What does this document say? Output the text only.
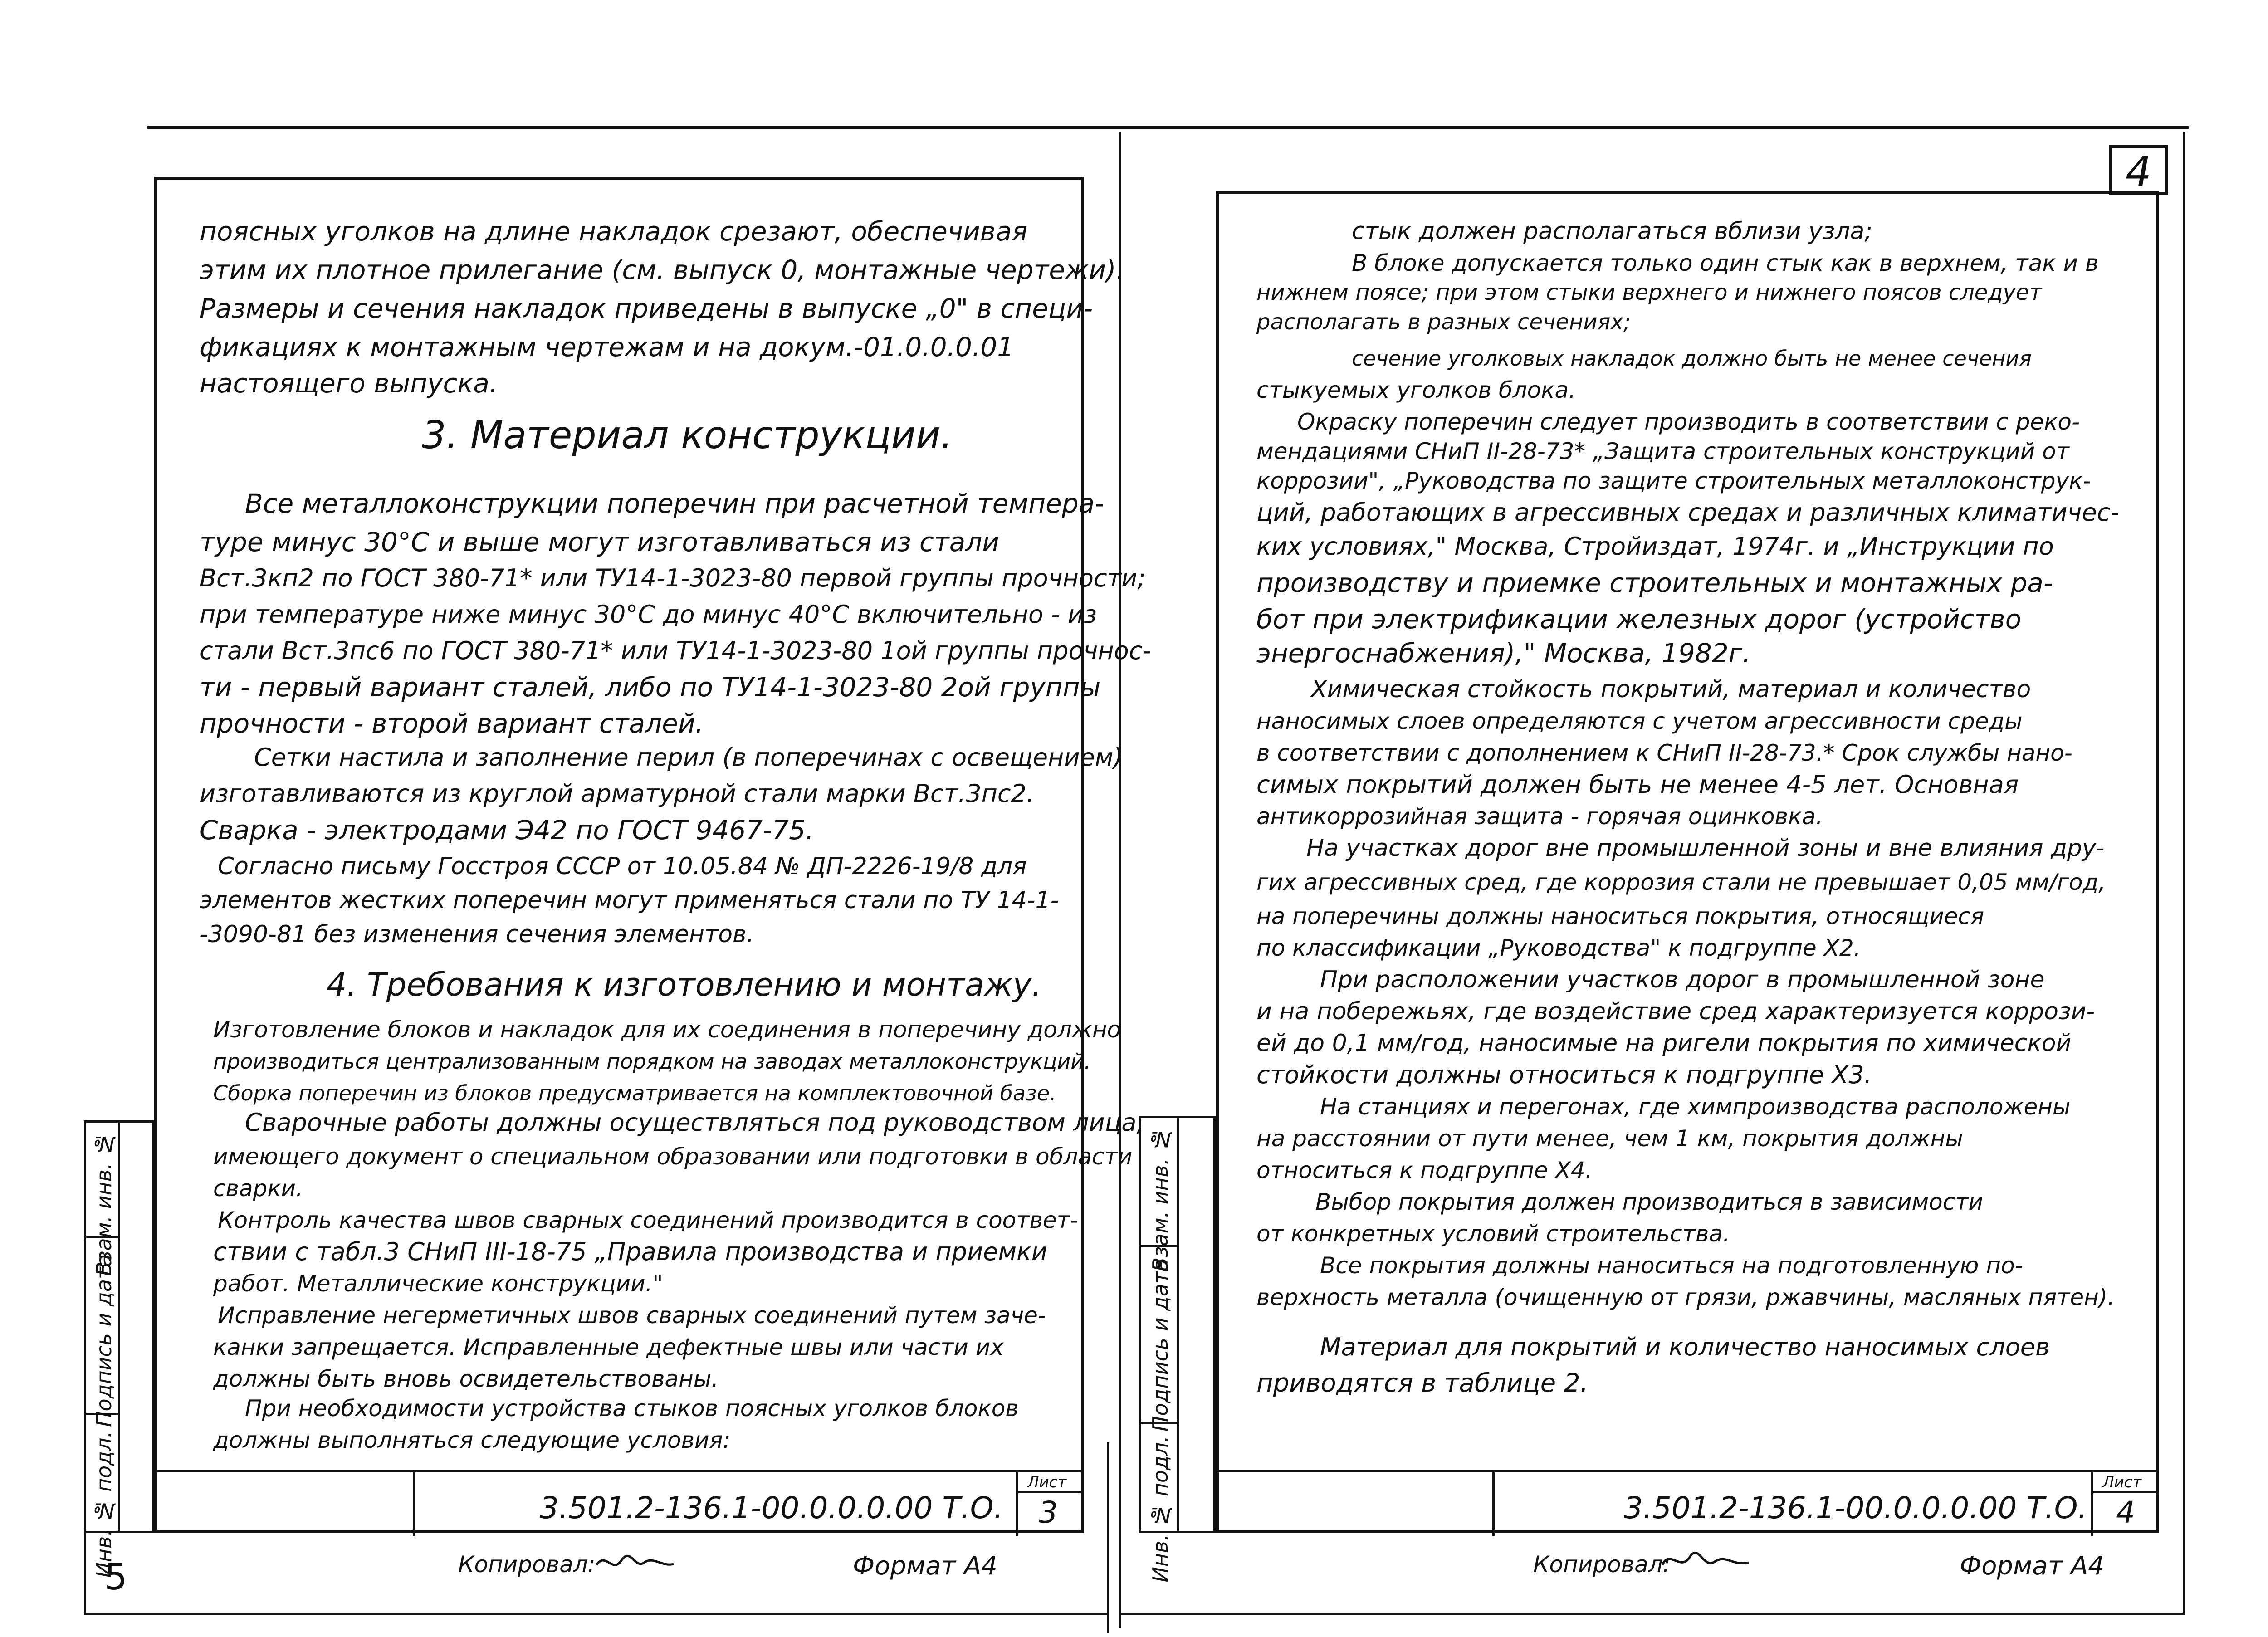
Взам. инв. №
Подпись и дата
Инв. № подл.
поясных уголков на длине накладок срезают, обеспечивая
этим их плотное прилегание (см. выпуск 0, монтажные чертежи).
Размеры и сечения накладок приведены в выпуске „0" в специ-
фикациях к монтажным чертежам и на докум.-01.0.0.0.01
настоящего выпуска.
3. Материал конструкции.
Все металлоконструкции поперечин при расчетной темпера-
туре минус 30°С и выше могут изготавливаться из стали
Вст.3кп2 по ГОСТ 380-71* или ТУ14-1-3023-80 первой группы прочности;
при температуре ниже минус 30°С до минус 40°С включительно - из
стали Вст.3пс6 по ГОСТ 380-71* или ТУ14-1-3023-80 1ой группы прочнос-
ти - первый вариант сталей, либо по ТУ14-1-3023-80 2ой группы
прочности - второй вариант сталей.
Сетки настила и заполнение перил (в поперечинах с освещением)
изготавливаются из круглой арматурной стали марки Вст.3пс2.
Сварка - электродами Э42 по ГОСТ 9467-75.
Согласно письму Госстроя СССР от 10.05.84 № ДП-2226-19/8 для
элементов жестких поперечин могут применяться стали по ТУ 14-1-
-3090-81 без изменения сечения элементов.
4. Требования к изготовлению и монтажу.
Изготовление блоков и накладок для их соединения в поперечину должно
производиться централизованным порядком на заводах металлоконструкций.
Сборка поперечин из блоков предусматривается на комплектовочной базе.
Сварочные работы должны осуществляться под руководством лица,
имеющего документ о специальном образовании или подготовки в области
сварки.
Контроль качества швов сварных соединений производится в соответ-
ствии с табл.3 СНиП III-18-75 „Правила производства и приемки
работ. Металлические конструкции."
Исправление негерметичных швов сварных соединений путем заче-
канки запрещается. Исправленные дефектные швы или части их
должны быть вновь освидетельствованы.
При необходимости устройства стыков поясных уголков блоков
должны выполняться следующие условия:
3.501.2-136.1-00.0.0.0.00 Т.О.
Лист
3
Копировал:	Формат А4
5
4
Взам. инв. №
Подпись и дата
Инв. № подл.
стык должен располагаться вблизи узла;
В блоке допускается только один стык как в верхнем, так и в
нижнем поясе; при этом стыки верхнего и нижнего поясов следует
располагать в разных сечениях;
сечение уголковых накладок должно быть не менее сечения
стыкуемых уголков блока.
Окраску поперечин следует производить в соответствии с реко-
мендациями СНиП II-28-73* „Защита строительных конструкций от
коррозии", „Руководства по защите строительных металлоконструк-
ций, работающих в агрессивных средах и различных климатичес-
ких условиях," Москва, Стройиздат, 1974г. и „Инструкции по
производству и приемке строительных и монтажных ра-
бот при электрификации железных дорог (устройство
энергоснабжения)," Москва, 1982г.
Химическая стойкость покрытий, материал и количество
наносимых слоев определяются с учетом агрессивности среды
в соответствии с дополнением к СНиП II-28-73.* Срок службы нано-
симых покрытий должен быть не менее 4-5 лет. Основная
антикоррозийная защита - горячая оцинковка.
На участках дорог вне промышленной зоны и вне влияния дру-
гих агрессивных сред, где коррозия стали не превышает 0,05 мм/год,
на поперечины должны наноситься покрытия, относящиеся
по классификации „Руководства" к подгруппе X2.
При расположении участков дорог в промышленной зоне
и на побережьях, где воздействие сред характеризуется коррози-
ей до 0,1 мм/год, наносимые на ригели покрытия по химической
стойкости должны относиться к подгруппе X3.
На станциях и перегонах, где химпроизводства расположены
на расстоянии от пути менее, чем 1 км, покрытия должны
относиться к подгруппе X4.
Выбор покрытия должен производиться в зависимости
от конкретных условий строительства.
Все покрытия должны наноситься на подготовленную по-
верхность металла (очищенную от грязи, ржавчины, масляных пятен).
Материал для покрытий и количество наносимых слоев
приводятся в таблице 2.
3.501.2-136.1-00.0.0.0.00 Т.О.
Лист
4
Копировал:	Формат А4
